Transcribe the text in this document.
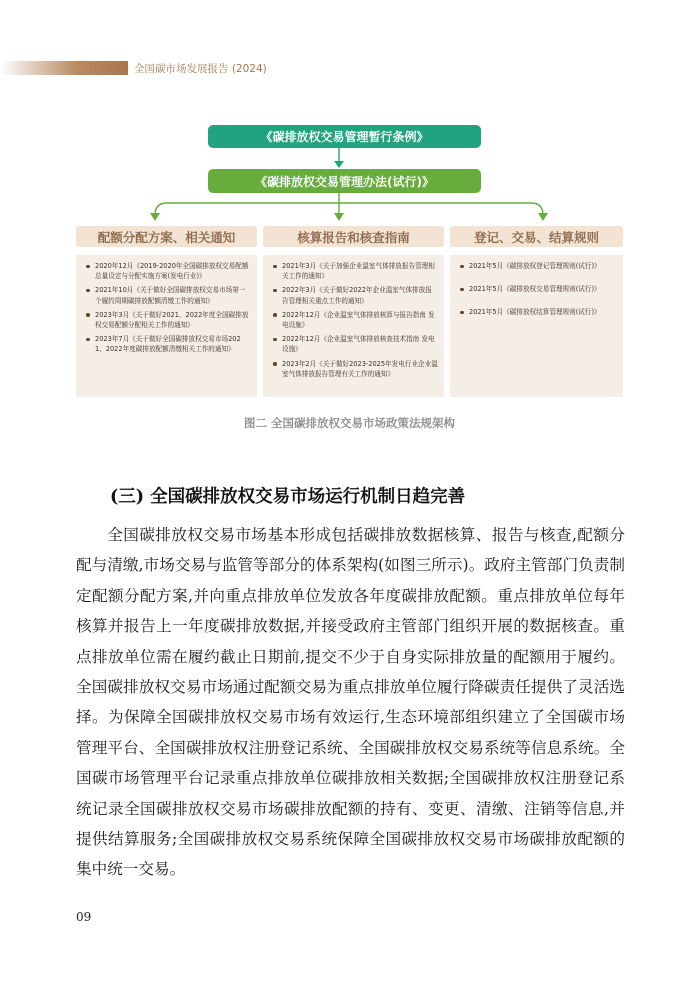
全国碳市场发展报告 (2024)
《碳排放权交易管理暂行条例》
《碳排放权交易管理办法(试行)》
配额分配方案、相关通知
2020年12月《2019-2020年全国碳排放权交易配额总量设定与分配实施方案(发电行业)》
2021年10月《关于做好全国碳排放权交易市场第一个履约周期碳排放配额清缴工作的通知》
2023年3月《关于做好2021、2022年度全国碳排放权交易配额分配相关工作的通知》
2023年7月《关于做好全国碳排放权交易市场2021、2022年度碳排放配额清缴相关工作的通知》
核算报告和核查指南
2021年3月《关于加强企业温室气体排放报告管理相关工作的通知》
2022年3月《关于做好2022年企业温室气体排放报告管理相关重点工作的通知》
2022年12月《企业温室气体排放核算与报告指南 发电设施》
2022年12月《企业温室气体排放核查技术指南 发电设施》
2023年2月《关于做好2023-2025年发电行业企业温室气体排放报告管理有关工作的通知》
登记、交易、结算规则
2021年5月《碳排放权登记管理规则(试行)》
2021年5月《碳排放权交易管理规则(试行)》
2021年5月《碳排放权结算管理规则(试行)》
图二 全国碳排放权交易市场政策法规架构
(三) 全国碳排放权交易市场运行机制日趋完善
全国碳排放权交易市场基本形成包括碳排放数据核算、报告与核查,配额分配与清缴,市场交易与监管等部分的体系架构(如图三所示)。政府主管部门负责制定配额分配方案,并向重点排放单位发放各年度碳排放配额。重点排放单位每年核算并报告上一年度碳排放数据,并接受政府主管部门组织开展的数据核查。重点排放单位需在履约截止日期前,提交不少于自身实际排放量的配额用于履约。全国碳排放权交易市场通过配额交易为重点排放单位履行降碳责任提供了灵活选择。为保障全国碳排放权交易市场有效运行,生态环境部组织建立了全国碳市场管理平台、全国碳排放权注册登记系统、全国碳排放权交易系统等信息系统。全国碳市场管理平台记录重点排放单位碳排放相关数据;全国碳排放权注册登记系统记录全国碳排放权交易市场碳排放配额的持有、变更、清缴、注销等信息,并提供结算服务;全国碳排放权交易系统保障全国碳排放权交易市场碳排放配额的集中统一交易。
09
